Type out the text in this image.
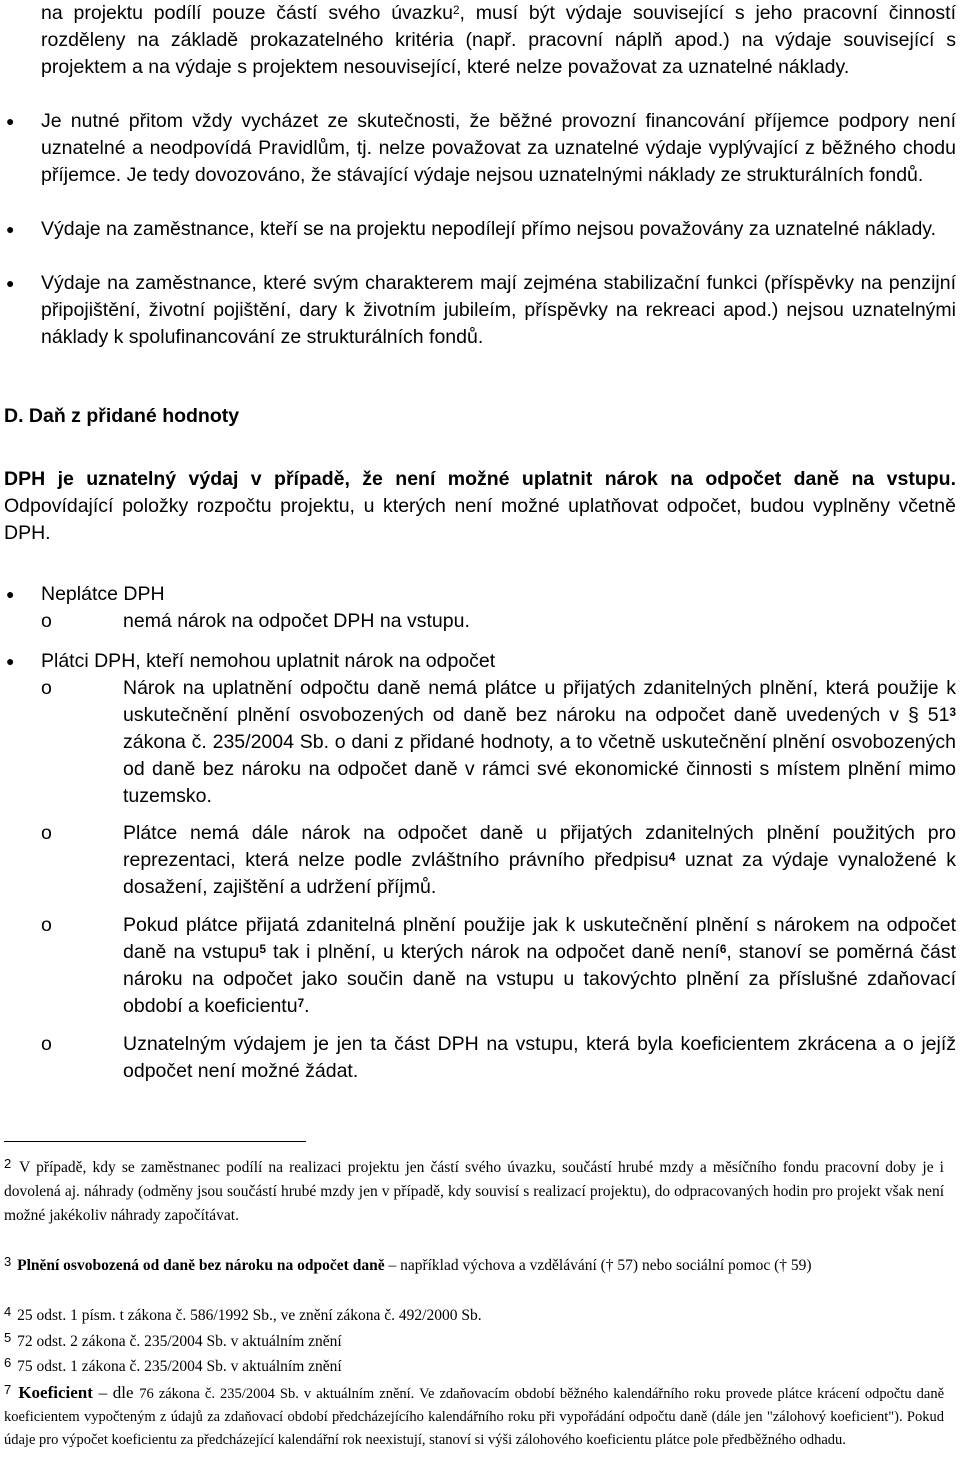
na projektu podílí pouze částí svého úvazku$^2$, musí být výdaje související s jeho pracovní činností rozděleny na základě prokazatelného kritéria (např. pracovní náplň apod.) na výdaje související s projektem a na výdaje s projektem nesouvisející, které nelze považovat za uznatelné náklady.
●	Je nutné přitom vždy vycházet ze skutečnosti, že běžné provozní financování příjemce podpory není uznatelné a neodpovídá Pravidlům, tj. nelze považovat za uznatelné výdaje vyplývající z běžného chodu příjemce. Je tedy dovozováno, že stávající výdaje nejsou uznatelnými náklady ze strukturálních fondů.
●	Výdaje na zaměstnance, kteří se na projektu nepodílejí přímo nejsou považovány za uznatelné náklady.
●	Výdaje na zaměstnance, které svým charakterem mají zejména stabilizační funkci (příspěvky na penzijní připojištění, životní pojištění, dary k životním jubileím, příspěvky na rekreaci apod.) nejsou uznatelnými náklady k spolufinancování ze strukturálních fondů.
D. Daň z přidané hodnoty
DPH je uznatelný výdaj v případě, že není možné uplatnit nárok na odpočet daně na vstupu. Odpovídající položky rozpočtu projektu, u kterých není možné uplatňovat odpočet, budou vyplněny včetně DPH.
●	Neplátce DPH
o	nemá nárok na odpočet DPH na vstupu.
●	Plátci DPH, kteří nemohou uplatnit nárok na odpočet
o	Nárok na uplatnění odpočtu daně nemá plátce u přijatých zdanitelných plnění, která použije k uskutečnění plnění osvobozených od daně bez nároku na odpočet daně uvedených v § 51$^3$ zákona č. 235/2004 Sb. o dani z přidané hodnoty, a to včetně uskutečnění plnění osvobozených od daně bez nároku na odpočet daně v rámci své ekonomické činnosti s místem plnění mimo tuzemsko.
o	Plátce nemá dále nárok na odpočet daně u přijatých zdanitelných plnění použitých pro reprezentaci, která nelze podle zvláštního právního předpisu$^4$ uznat za výdaje vynaložené k dosažení, zajištění a udržení příjmů.
o	Pokud plátce přijatá zdanitelná plnění použije jak k uskutečnění plnění s nárokem na odpočet daně na vstupu$^5$ tak i plnění, u kterých nárok na odpočet daně není$^6$, stanoví se poměrná část nároku na odpočet jako součin daně na vstupu u takovýchto plnění za příslušné zdaňovací období a koeficientu$^7$.
o	Uznatelným výdajem je jen ta část DPH na vstupu, která byla koeficientem zkrácena a o jejíž odpočet není možné žádat.
$^2$ V případě, kdy se zaměstnanec podílí na realizaci projektu jen částí svého úvazku, součástí hrubé mzdy a měsíčního fondu pracovní doby je i dovolená aj. náhrady (odměny jsou součástí hrubé mzdy jen v případě, kdy souvisí s realizací projektu), do odpracovaných hodin pro projekt však není možné jakékoliv náhrady započítávat.
$^3$ Plnění osvobozená od daně bez nároku na odpočet daně – například výchova a vzdělávání († 57) nebo sociální pomoc († 59)
$^4$ 25 odst. 1 písm. t zákona č. 586/1992 Sb., ve znění zákona č. 492/2000 Sb.
$^5$ 72 odst. 2 zákona č. 235/2004 Sb. v aktuálním znění
$^6$ 75 odst. 1 zákona č. 235/2004 Sb. v aktuálním znění
7 Koeficient – dle 76 zákona č. 235/2004 Sb. v aktuálním znění. Ve zdaňovacím období běžného kalendářního roku provede plátce krácení odpočtu daně koeficientem vypočteným z údajů za zdaňovací období předcházejícího kalendářního roku při vypořádání odpočtu daně (dále jen "zálohový koeficient"). Pokud údaje pro výpočet koeficientu za předcházející kalendářní rok neexistují, stanoví si výši zálohového koeficientu plátce pole předběžného odhadu.
